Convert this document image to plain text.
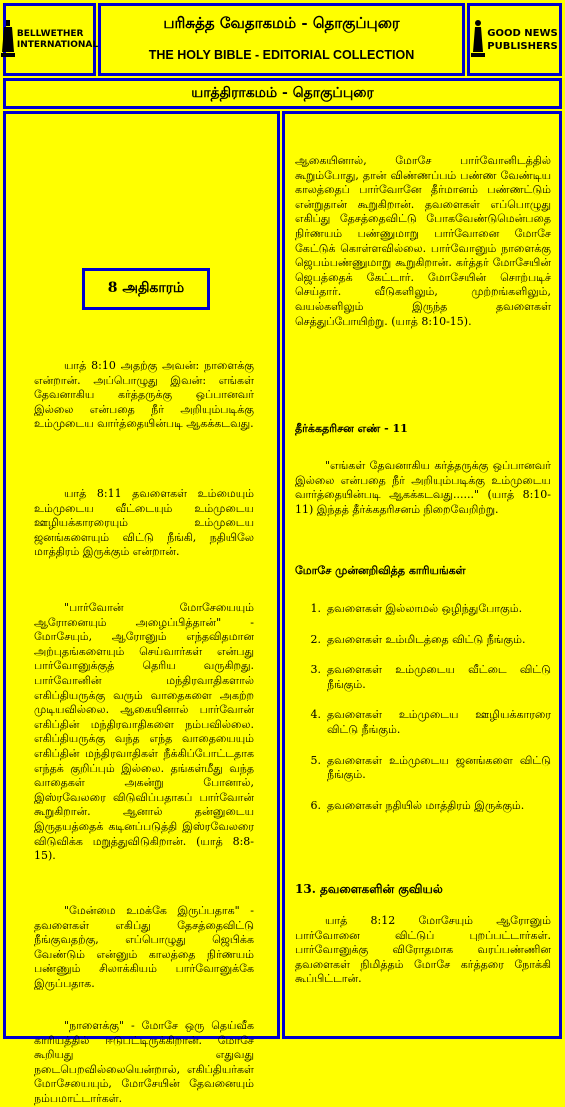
BELLWETHER
INTERNATIONAL
பரிசுத்த வேதாகமம் - தொகுப்புரை
THE HOLY BIBLE - EDITORIAL COLLECTION
GOOD NEWS
PUBLISHERS
யாத்திராகமம் - தொகுப்புரை
8 அதிகாரம்

யாத் 8:10 அதற்கு அவன்: நாளைக்கு என்றான். அப்பொழுது இவன்: எங்கள் தேவனாகிய கர்த்தருக்கு ஒப்பானவர் இல்லை என்பதை நீர் அறியும்படிக்கு உம்முடைய வார்த்தையின்படி ஆகக்கடவது.

யாத் 8:11 தவளைகள் உம்மையும் உம்முடைய வீட்டையும் உம்முடைய ஊழியக்காரரையும் உம்முடைய ஜனங்களையும் விட்டு நீங்கி, நதியிலே மாத்திரம் இருக்கும் என்றான்.

"பார்வோன் மோசேயையும் ஆரோனையும் அழைப்பித்தான்" - மோசேயும், ஆரோனும் எந்தவிதமான அற்புதங்களையும் செய்வார்கள் என்பது பார்வோனுக்குத் தெரிய வருகிறது. பார்வோனின் மந்திரவாதிகளால் எகிப்தியருக்கு வரும் வாதைகளை அகற்ற முடியவில்லை. ஆகையினால் பார்வோன் எகிப்தின் மந்திரவாதிகளை நம்பவில்லை. எகிப்தியருக்கு வந்த எந்த வாதையையும் எகிப்தின் மந்திரவாதிகள் நீக்கிப்போட்டதாக எந்தக் குறிப்பும் இல்லை. தங்கள்மீது வந்த வாதைகள் அகன்று போனால், இஸ்ரவேலரை விடுவிப்பதாகப் பார்வோன் கூறுகிறான். ஆனால் தன்னுடைய இருதயத்தைக் கடினப்படுத்தி இஸ்ரவேலரை விடுவிக்க மறுத்துவிடுகிறான். (யாத் 8:8-15).

"மேன்மை உமக்கே இருப்பதாக" - தவளைகள் எகிப்து தேசத்தைவிட்டு நீங்குவதற்கு, எப்பொழுது ஜெபிக்க வேண்டும் என்னும் காலத்தை நிர்ணயம் பண்ணும் சிலாக்கியம் பார்வோனுக்கே இருப்பதாக.

"நாளைக்கு" - மோசே ஒரு தெய்வீக காரியத்தில் ஈடுபட்டிருக்கிறான். மோசே கூறியது எதுவது நடைபெறவில்லையென்றால், எகிப்தியர்கள் மோசேயையும், மோசேயின் தேவனையும் நம்பமாட்டார்கள்.

ஆகையினால், மோசே பார்வோனிடத்தில் கூறும்போது, தான் விண்ணப்பம் பண்ண வேண்டிய காலத்தைப் பார்வோனே தீர்மானம் பண்ணட்டும் என்றுதான் கூறுகிறான். தவளைகள் எப்பொழுது எகிப்து தேசத்தைவிட்டு போகவேண்டுமென்பதை நிர்ணயம் பண்ணுமாறு பார்வோனை மோசே கேட்டுக் கொள்ளவில்லை. பார்வோனும் நாளைக்கு ஜெபம்பண்ணுமாறு கூறுகிறான். கர்த்தர் மோசேயின் ஜெபத்தைக் கேட்டார். மோசேயின் சொற்படிச் செய்தார். வீடுகளிலும், முற்றங்களிலும், வயல்களிலும் இருந்த தவளைகள் செத்துப்போயிற்று. (யாத் 8:10-15).

தீர்க்கதரிசன எண் - 11

"எங்கள் தேவனாகிய கர்த்தருக்கு ஒப்பானவர் இல்லை என்பதை நீர் அறியும்படிக்கு உம்முடைய வார்த்தையின்படி ஆகக்கடவது......" (யாத் 8:10-11) இந்தத் தீர்க்கதரிசனம் நிறைவேறிற்று.

மோசே முன்னறிவித்த காரியங்கள்

1. தவளைகள் இல்லாமல் ஒழிந்துபோகும்.
2. தவளைகள் உம்மிடத்தை விட்டு நீங்கும்.
3. தவளைகள் உம்முடைய வீட்டை விட்டு நீங்கும்.
4. தவளைகள் உம்முடைய ஊழியக்காரரை விட்டு நீங்கும்.
5. தவளைகள் உம்முடைய ஜனங்களை விட்டு நீங்கும்.
6. தவளைகள் நதியில் மாத்திரம் இருக்கும்.

13. தவளைகளின் குவியல்

யாத் 8:12 மோசேயும் ஆரோனும் பார்வோனை விட்டுப் புறப்பட்டார்கள். பார்வோனுக்கு விரோதமாக வரப்பண்ணின தவளைகள் நிமித்தம் மோசே கர்த்தரை நோக்கி கூப்பிட்டான்.
